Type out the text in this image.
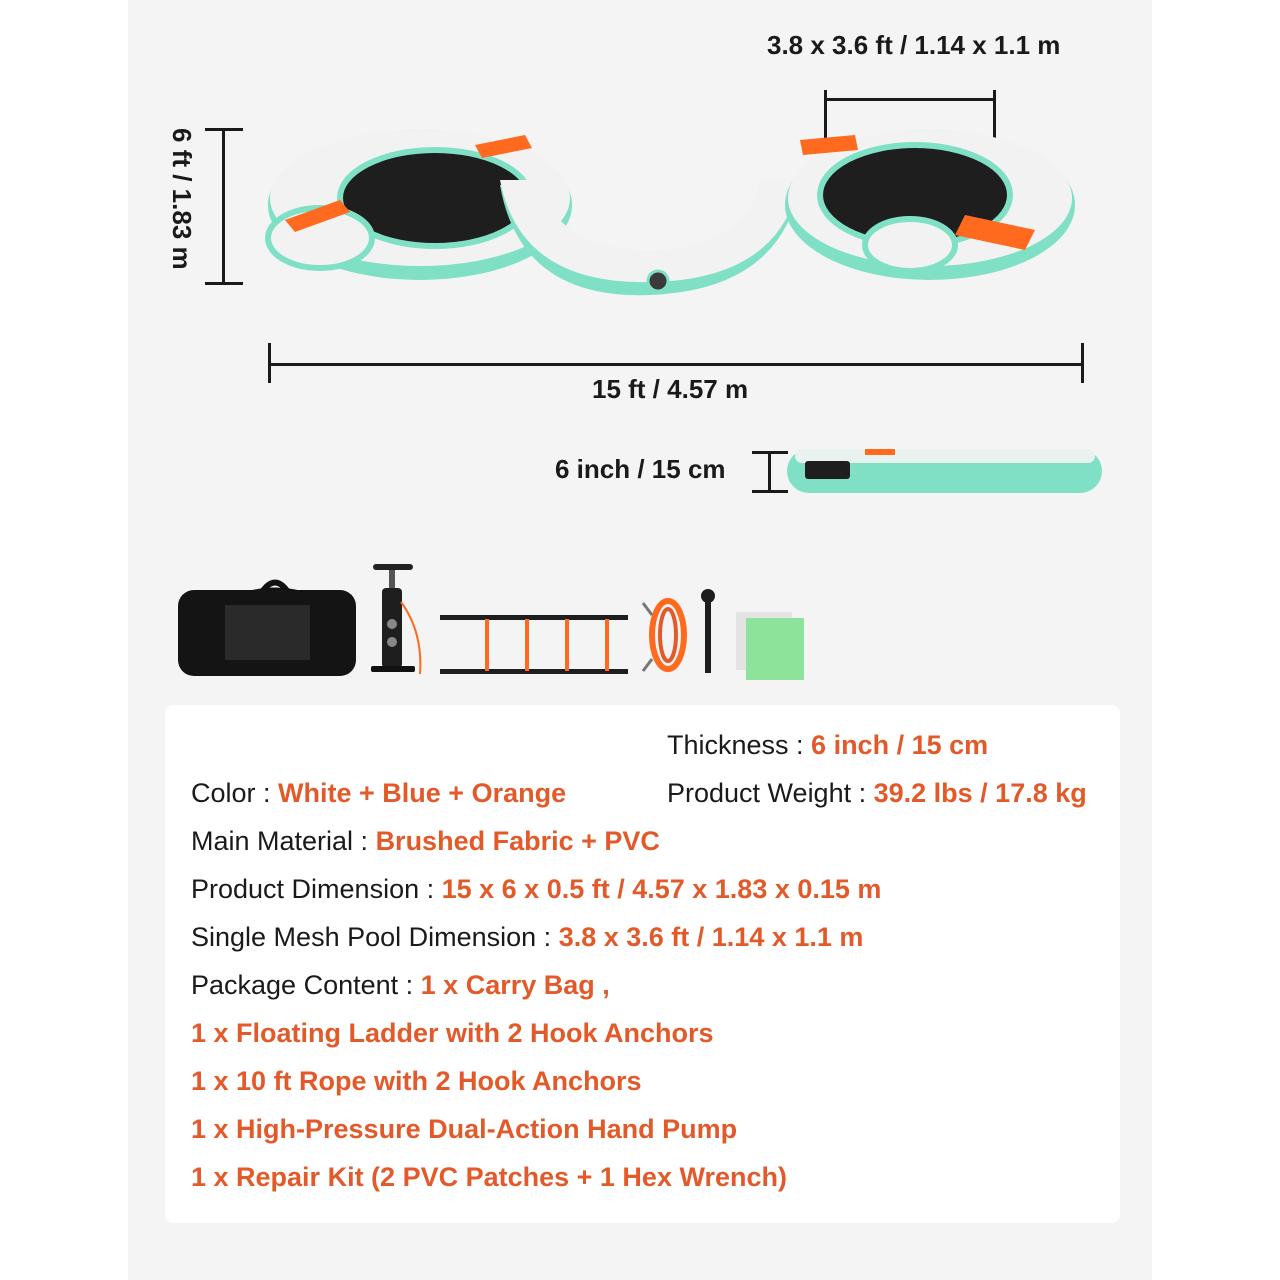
3.8 x 3.6 ft / 1.14 x 1.1 m
6 ft / 1.83 m
15 ft / 4.57 m
6 inch / 15 cm
Thickness : 6 inch / 15 cm
Color : White + Blue + Orange	Product Weight : 39.2 lbs / 17.8 kg
Main Material : Brushed Fabric + PVC
Product Dimension : 15 x 6 x 0.5 ft / 4.57 x 1.83 x 0.15 m
Single Mesh Pool Dimension : 3.8 x 3.6 ft / 1.14 x 1.1 m
Package Content : 1 x Carry Bag ,
1 x Floating Ladder with 2 Hook Anchors
1 x 10 ft Rope with 2 Hook Anchors
1 x High-Pressure Dual-Action Hand Pump
1 x Repair Kit (2 PVC Patches + 1 Hex Wrench)
